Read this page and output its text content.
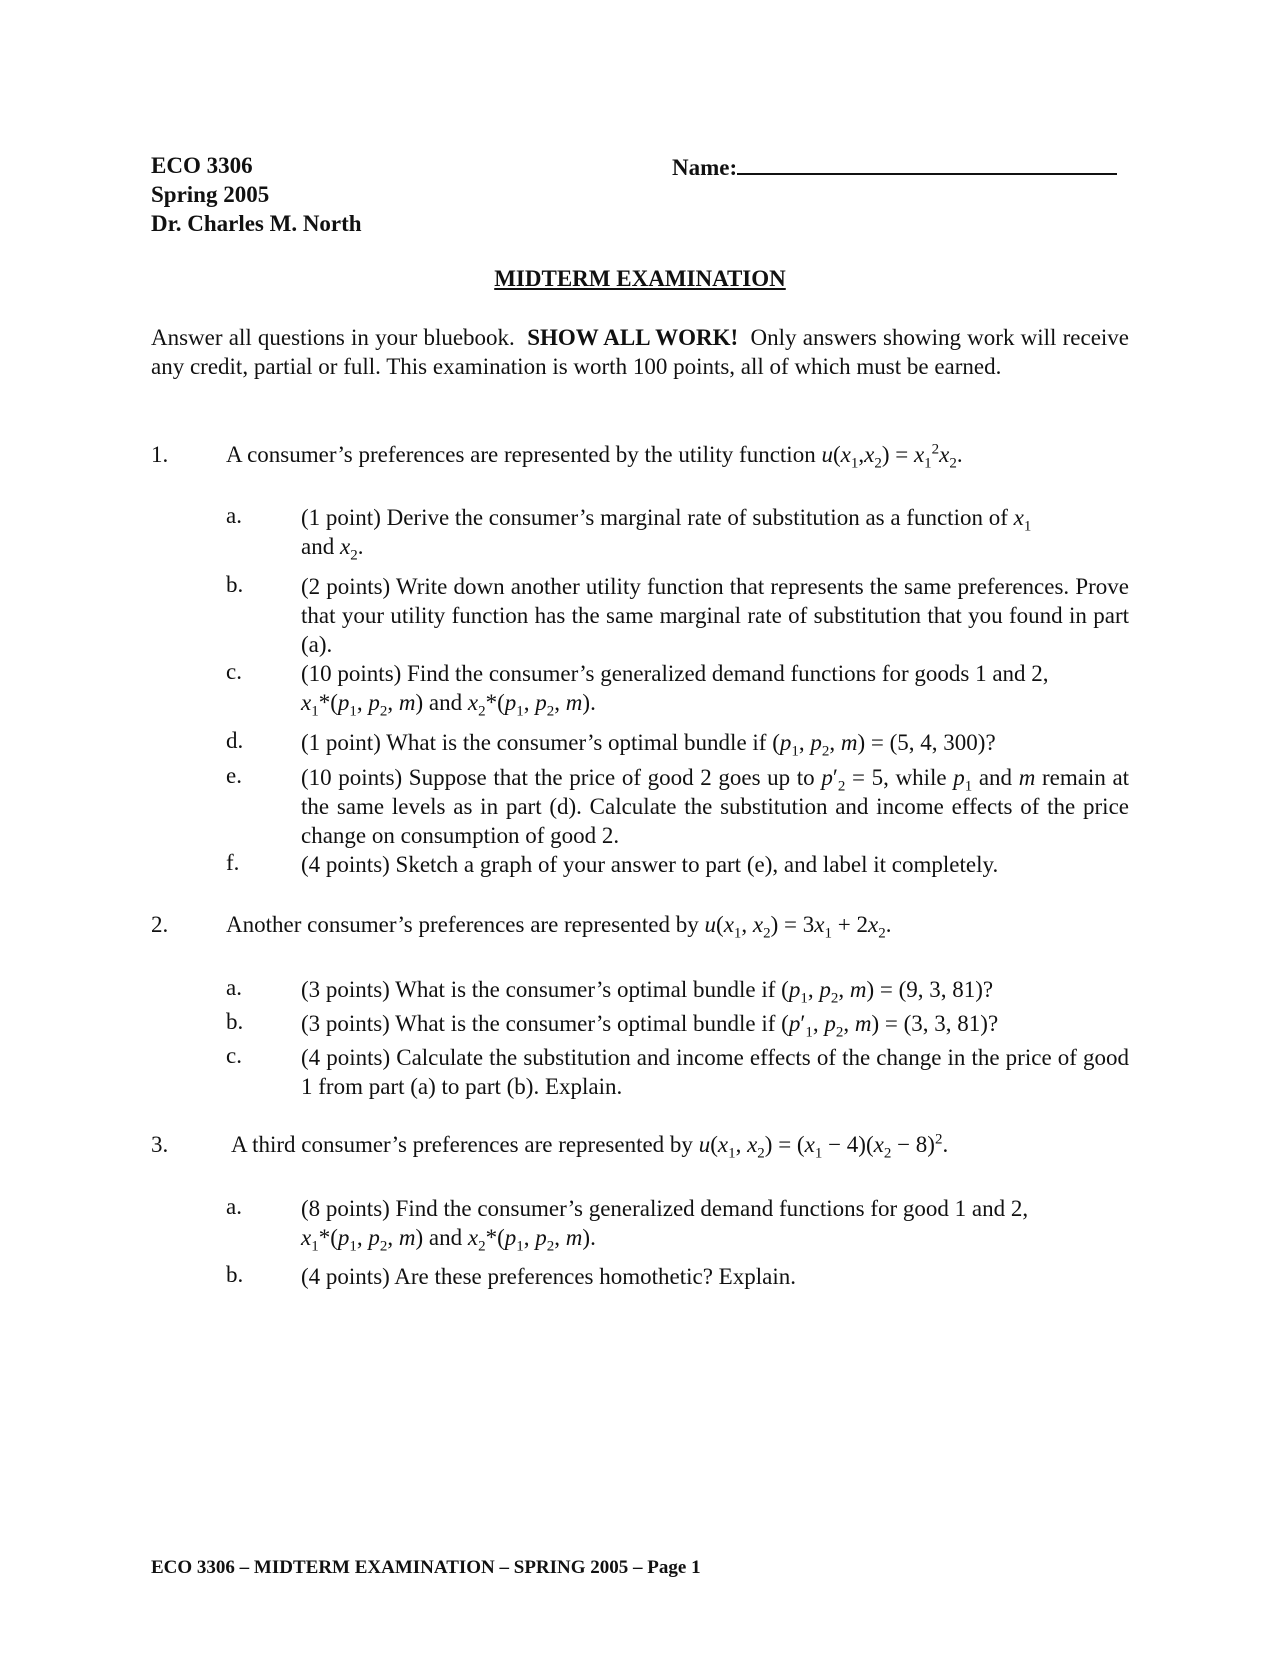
ECO 3306
Spring 2005
Dr. Charles M. North
Name:
MIDTERM EXAMINATION
Answer all questions in your bluebook. SHOW ALL WORK! Only answers showing work will receive any credit, partial or full. This examination is worth 100 points, all of which must be earned.
1.	A consumer’s preferences are represented by the utility function $u(x_1,x_2) = x_1^2x_2$.
a.	(1 point) Derive the consumer’s marginal rate of substitution as a function of $x_1$
and $x_2$.
b.	(2 points) Write down another utility function that represents the same preferences. Prove that your utility function has the same marginal rate of substitution that you found in part (a).
c.	(10 points) Find the consumer’s generalized demand functions for goods 1 and 2,
$x_1*(p_1$, $p_2$, m) and $x_2*(p_1$, $p_2$, m).
d.	(1 point) What is the consumer’s optimal bundle if ($p_1$, $p_2$, m) = (5, 4, 300)?
e.	(10 points) Suppose that the price of good 2 goes up to $p'_2 = 5$, while $p_1$ and m remain at the same levels as in part (d). Calculate the substitution and income effects of the price change on consumption of good 2.
f.	(4 points) Sketch a graph of your answer to part (e), and label it completely.
2.	Another consumer’s preferences are represented by $u(x_1$, $x_2) = 3x_1 + 2x_2$.
a.	(3 points) What is the consumer’s optimal bundle if ($p_1$, $p_2$, m) = (9, 3, 81)?
b.	(3 points) What is the consumer’s optimal bundle if ($p'_1$, $p_2$, m) = (3, 3, 81)?
c.	(4 points) Calculate the substitution and income effects of the change in the price of good 1 from part (a) to part (b). Explain.
3.	A third consumer’s preferences are represented by $u(x_1$, $x_2) = (x_1 - 4)(x_2 - 8)^2$.
a.	(8 points) Find the consumer’s generalized demand functions for good 1 and 2,
$x_1*(p_1$, $p_2$, m) and $x_2*(p_1$, $p_2$, m).
b.	(4 points) Are these preferences homothetic? Explain.
ECO 3306 – MIDTERM EXAMINATION – SPRING 2005 – Page 1
